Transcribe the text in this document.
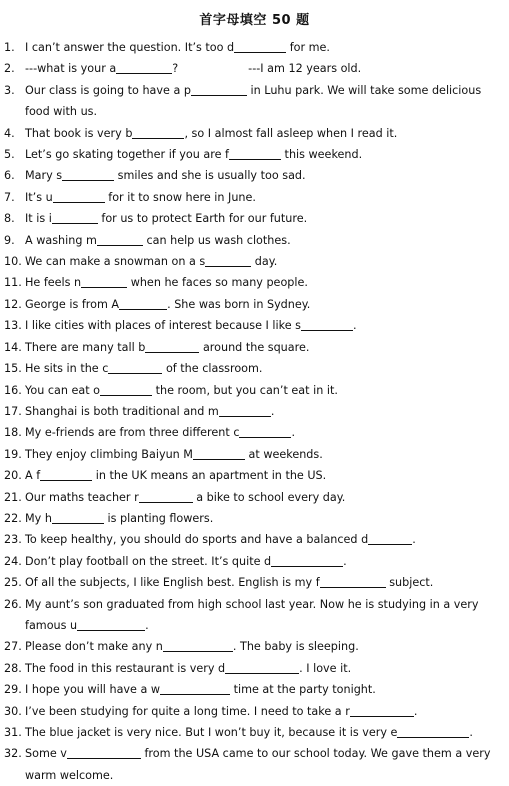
首字母填空 50 题
1. I can’t answer the question. It’s too d	for me.
2. ---what is your a	?	---I am 12 years old.
3. Our class is going to have a p	in Luhu park. We will take some delicious food with us.
4. That book is very b	, so I almost fall asleep when I read it.
5. Let’s go skating together if you are f	this weekend.
6. Mary s	smiles and she is usually too sad.
7. It’s u	for it to snow here in June.
8. It is i	for us to protect Earth for our future.
9. A washing m	can help us wash clothes.
10. We can make a snowman on a s	day.
11. He feels n	when he faces so many people.
12. George is from A	. She was born in Sydney.
13. I like cities with places of interest because I like s	.
14. There are many tall b	around the square.
15. He sits in the c	of the classroom.
16. You can eat o	the room, but you can’t eat in it.
17. Shanghai is both traditional and m	.
18. My e-friends are from three different c	.
19. They enjoy climbing Baiyun M	at weekends.
20. A f	in the UK means an apartment in the US.
21. Our maths teacher r	a bike to school every day.
22. My h	is planting flowers.
23. To keep healthy, you should do sports and have a balanced d	.
24. Don’t play football on the street. It’s quite d	.
25. Of all the subjects, I like English best. English is my f	subject.
26. My aunt’s son graduated from high school last year. Now he is studying in a very famous u	.
27. Please don’t make any n	. The baby is sleeping.
28. The food in this restaurant is very d	. I love it.
29. I hope you will have a w	time at the party tonight.
30. I’ve been studying for quite a long time. I need to take a r	.
31. The blue jacket is very nice. But I won’t buy it, because it is very e	.
32. Some v	from the USA came to our school today. We gave them a very warm welcome.
